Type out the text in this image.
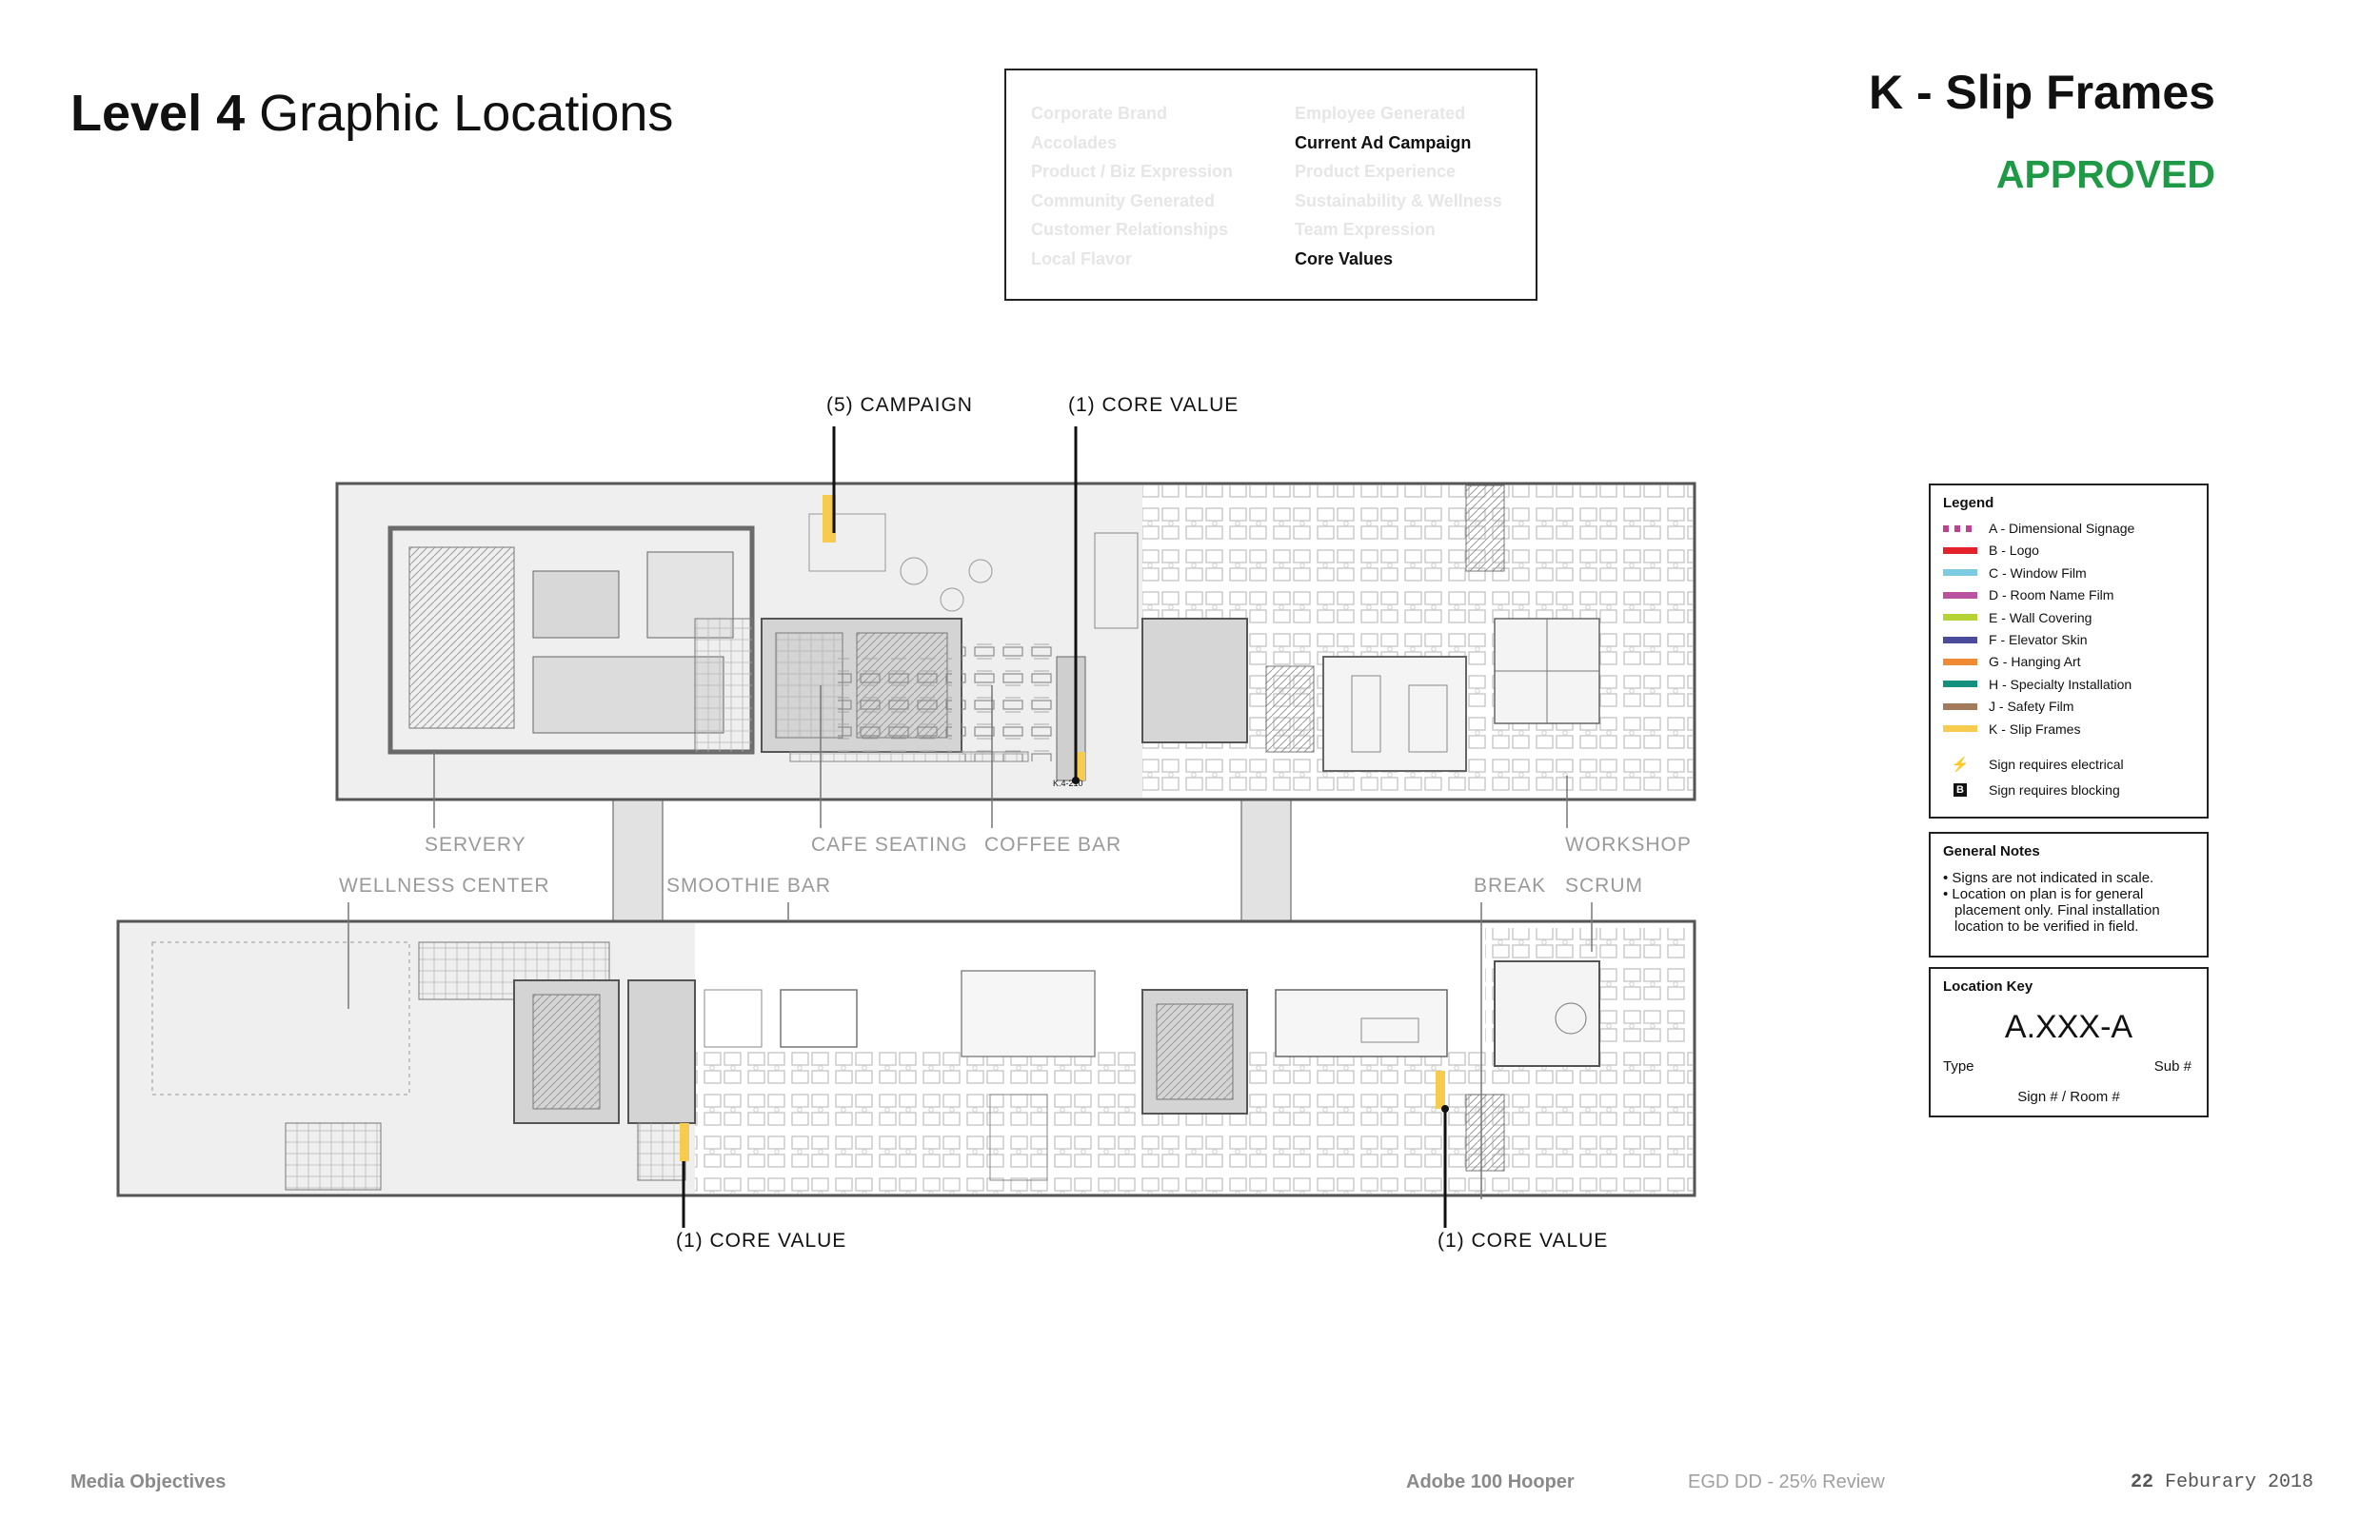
Level 4 Graphic Locations	K - Slip Frames
APPROVED
Corporate Brand
Accolades
Product / Biz Expression
Community Generated
Customer Relationships
Local Flavor
Employee Generated
Current Ad Campaign
Product Experience
Sustainability & Wellness
Team Expression
Core Values
K.4-210
(5) CAMPAIGN	(1) CORE VALUE
(1) CORE VALUE	(1) CORE VALUE
SERVERY
WELLNESS CENTER	SMOOTHIE BAR
CAFE SEATING COFFEE BAR
BREAK
WORKSHOP
SCRUM
Legend
A - Dimensional Signage
B - Logo
C - Window Film
D - Room Name Film
E - Wall Covering
F - Elevator Skin
G - Hanging Art
H - Specialty Installation
J - Safety Film
K - Slip Frames
⚡	Sign requires electrical
B Sign requires blocking
General Notes
• Signs are not indicated in scale.
• Location on plan is for general placement only. Final installation location to be verified in field.
Location Key
A.XXX-A
Type	Sub #
Sign # / Room #
Media Objectives	Adobe 100 Hooper	EGD DD - 25% Review	22 Feburary 2018
